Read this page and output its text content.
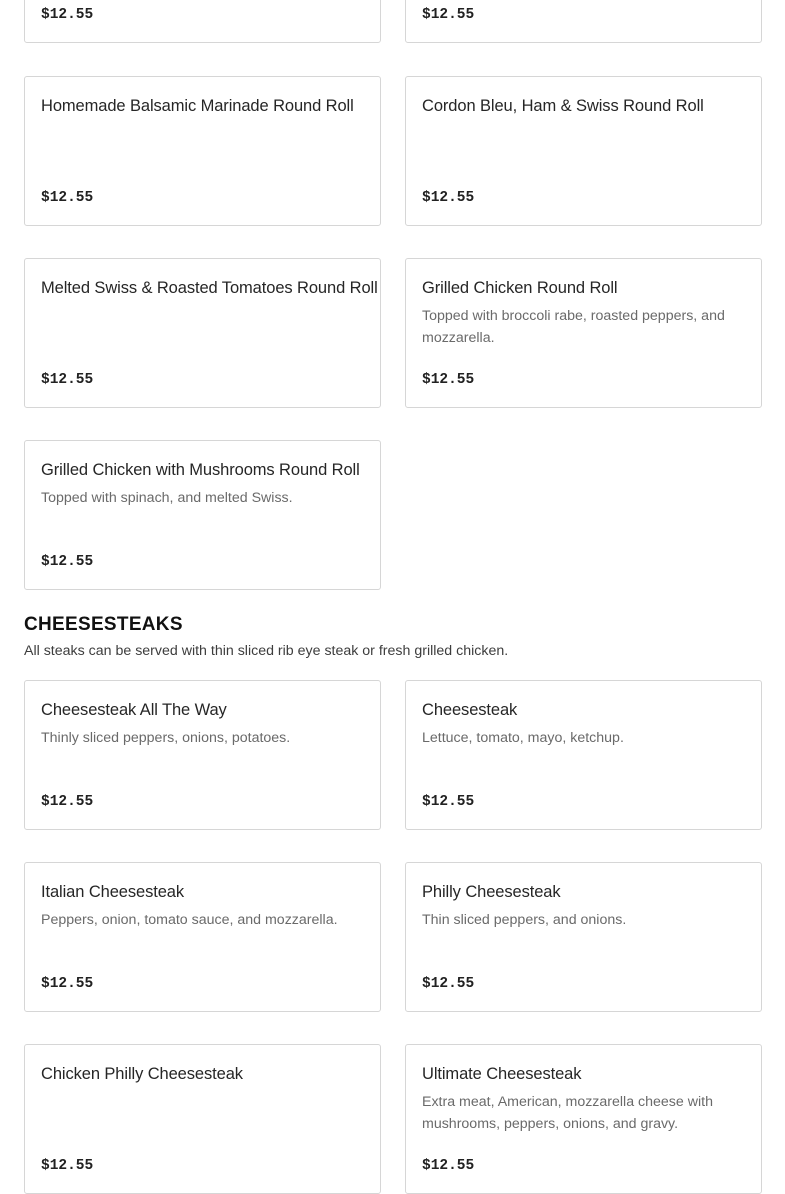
$12.55	$12.55
Homemade Balsamic Marinade Round Roll
$12.55
Cordon Bleu, Ham & Swiss Round Roll
$12.55
Melted Swiss & Roasted Tomatoes Round Roll
$12.55
Grilled Chicken Round Roll
Topped with broccoli rabe, roasted peppers, and mozzarella.
$12.55
Grilled Chicken with Mushrooms Round Roll
Topped with spinach, and melted Swiss.
$12.55
CHEESESTEAKS
All steaks can be served with thin sliced rib eye steak or fresh grilled chicken.
Cheesesteak All The Way
Thinly sliced peppers, onions, potatoes.
$12.55
Cheesesteak
Lettuce, tomato, mayo, ketchup.
$12.55
Italian Cheesesteak
Peppers, onion, tomato sauce, and mozzarella.
$12.55
Philly Cheesesteak
Thin sliced peppers, and onions.
$12.55
Chicken Philly Cheesesteak
$12.55
Ultimate Cheesesteak
Extra meat, American, mozzarella cheese with mushrooms, peppers, onions, and gravy.
$12.55
